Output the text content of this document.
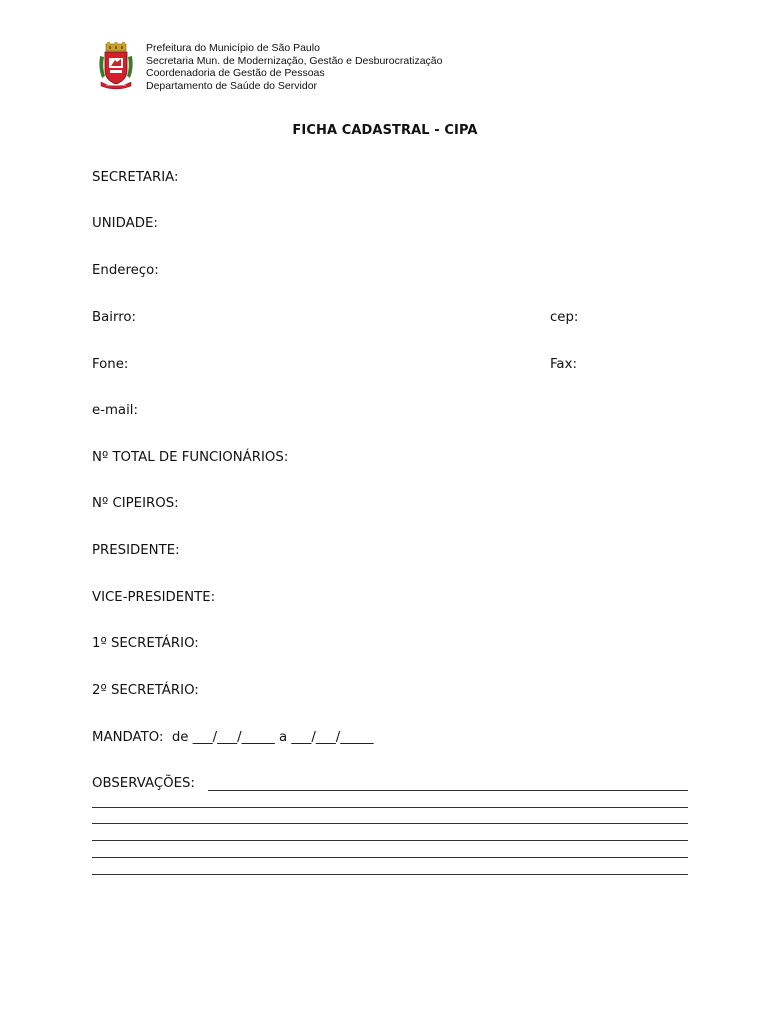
Prefeitura do Município de São Paulo
Secretaria Mun. de Modernização, Gestão e Desburocratização
Coordenadoria de Gestão de Pessoas
Departamento de Saúde do Servidor
FICHA CADASTRAL - CIPA
SECRETARIA:
UNIDADE:
Endereço:
Bairro:	cep:
Fone:	Fax:
e-mail:
Nº TOTAL DE FUNCIONÁRIOS:
Nº CIPEIROS:
PRESIDENTE:
VICE-PRESIDENTE:
1º SECRETÁRIO:
2º SECRETÁRIO:
MANDATO:  de ___/___/_____ a ___/___/_____
OBSERVAÇÕES:
